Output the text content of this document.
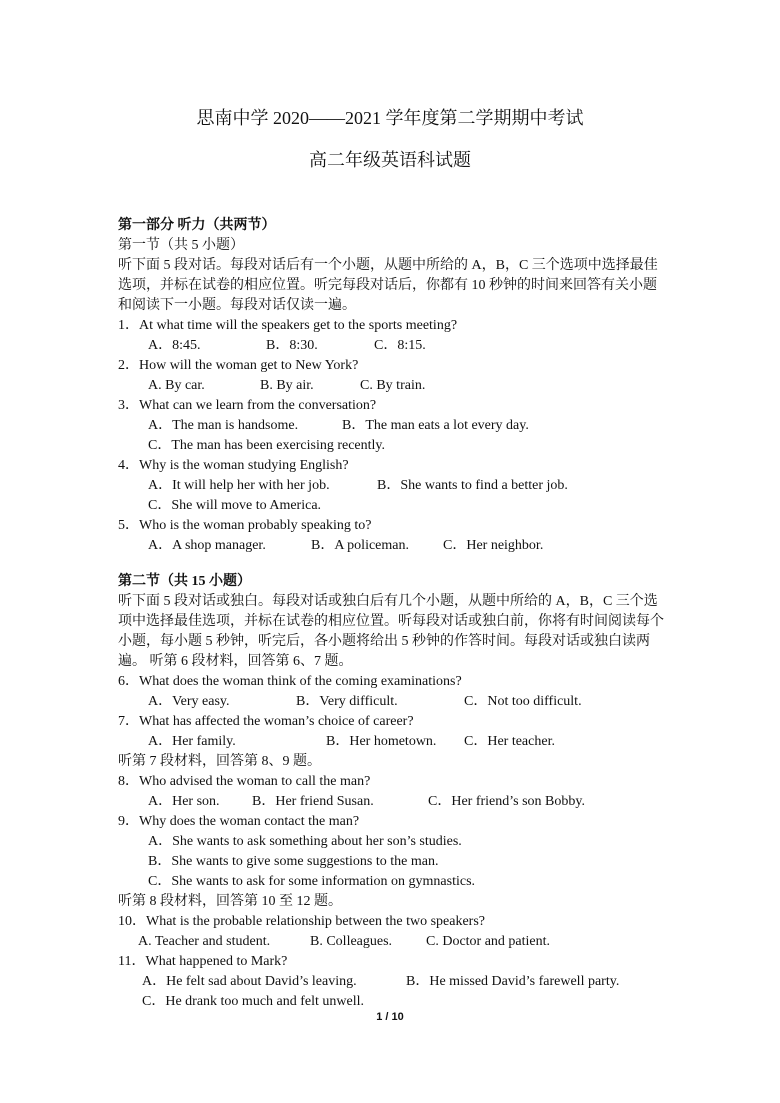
思南中学 2020——2021 学年度第二学期期中考试
高二年级英语科试题
第一部分 听力（共两节）
第一节（共 5 小题）
听下面 5 段对话。每段对话后有一个小题，从题中所给的 A，B，C 三个选项中选择最佳选项，并标在试卷的相应位置。听完每段对话后，你都有 10 秒钟的时间来回答有关小题和阅读下一小题。每段对话仅读一遍。
1．At what time will the speakers get to the sports meeting?
A．8:45.	B．8:30.	C．8:15.
2．How will the woman get to New York?
A. By car.	B. By air.	C. By train.
3．What can we learn from the conversation?
A．The man is handsome.	B．The man eats a lot every day.
C．The man has been exercising recently.
4．Why is the woman studying English?
A．It will help her with her job.	B．She wants to find a better job.
C．She will move to America.
5．Who is the woman probably speaking to?
A．A shop manager.	B．A policeman. C．Her neighbor.
第二节（共 15 小题）
听下面 5 段对话或独白。每段对话或独白后有几个小题，从题中所给的 A，B，C 三个选项中选择最佳选项，并标在试卷的相应位置。听每段对话或独白前，你将有时间阅读每个小题，每小题 5 秒钟，听完后，各小题将给出 5 秒钟的作答时间。每段对话或独白读两遍。 听第 6 段材料，回答第 6、7 题。
6．What does the woman think of the coming examinations?
A．Very easy.	B．Very difficult.	C．Not too difficult.
7．What has affected the woman’s choice of career?
A．Her family.	B．Her hometown. C．Her teacher.
听第 7 段材料，回答第 8、9 题。
8．Who advised the woman to call the man?
A．Her son. B．Her friend Susan.	C．Her friend’s son Bobby.
9．Why does the woman contact the man?
A．She wants to ask something about her son’s studies.
B．She wants to give some suggestions to the man.
C．She wants to ask for some information on gymnastics.
听第 8 段材料，回答第 10 至 12 题。
10．What is the probable relationship between the two speakers?
A. Teacher and student.	B. Colleagues. C. Doctor and patient.
11．What happened to Mark?
A．He felt sad about David’s leaving.	B．He missed David’s farewell party.
C．He drank too much and felt unwell.
1 / 10
